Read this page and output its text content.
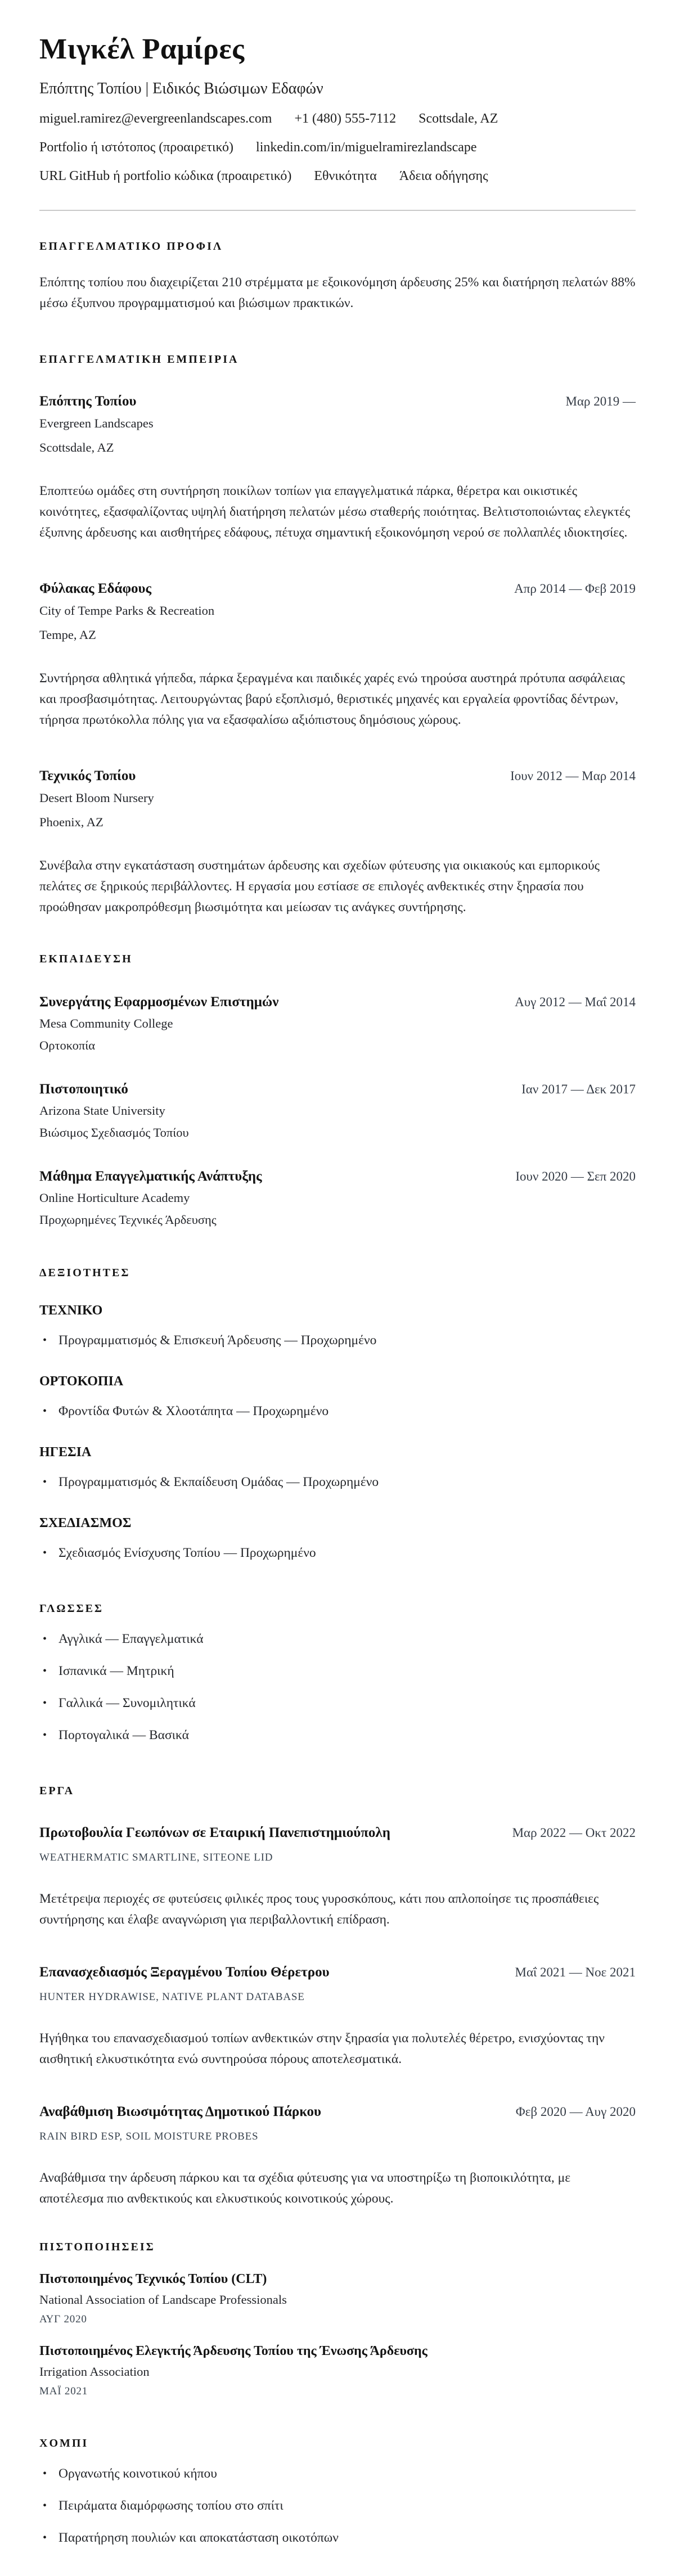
Μιγκέλ Ραμίρες
Επόπτης Τοπίου | Ειδικός Βιώσιμων Εδαφών
miguel.ramirez@evergreenlandscapes.com +1 (480) 555-7112 Scottsdale, AZ
Portfolio ή ιστότοπος (προαιρετικό) linkedin.com/in/miguelramirezlandscape
URL GitHub ή portfolio κώδικα (προαιρετικό) Εθνικότητα Άδεια οδήγησης
ΕΠΑΓΓΕΛΜΑΤΙΚΟ ΠΡΟΦΙΛ

Επόπτης τοπίου που διαχειρίζεται 210 στρέμματα με εξοικονόμηση άρδευσης 25% και διατήρηση πελατών 88% μέσω έξυπνου προγραμματισμού και βιώσιμων πρακτικών.

ΕΠΑΓΓΕΛΜΑΤΙΚΗ ΕΜΠΕΙΡΙΑ
Επόπτης Τοπίου	Μαρ 2019 —
Evergreen Landscapes
Scottsdale, AZ

Εποπτεύω ομάδες στη συντήρηση ποικίλων τοπίων για επαγγελματικά πάρκα, θέρετρα και οικιστικές κοινότητες, εξασφαλίζοντας υψηλή διατήρηση πελατών μέσω σταθερής ποιότητας. Βελτιστοποιώντας ελεγκτές έξυπνης άρδευσης και αισθητήρες εδάφους, πέτυχα σημαντική εξοικονόμηση νερού σε πολλαπλές ιδιοκτησίες.

Φύλακας Εδάφους	Απρ 2014 — Φεβ 2019
City of Tempe Parks & Recreation
Tempe, AZ

Συντήρησα αθλητικά γήπεδα, πάρκα ξεραγμένα και παιδικές χαρές ενώ τηρούσα αυστηρά πρότυπα ασφάλειας και προσβασιμότητας. Λειτουργώντας βαρύ εξοπλισμό, θεριστικές μηχανές και εργαλεία φροντίδας δέντρων, τήρησα πρωτόκολλα πόλης για να εξασφαλίσω αξιόπιστους δημόσιους χώρους.

Τεχνικός Τοπίου	Ιουν 2012 — Μαρ 2014
Desert Bloom Nursery
Phoenix, AZ

Συνέβαλα στην εγκατάσταση συστημάτων άρδευσης και σχεδίων φύτευσης για οικιακούς και εμπορικούς πελάτες σε ξηρικούς περιβάλλοντες. Η εργασία μου εστίασε σε επιλογές ανθεκτικές στην ξηρασία που προώθησαν μακροπρόθεσμη βιωσιμότητα και μείωσαν τις ανάγκες συντήρησης.

ΕΚΠΑΙΔΕΥΣΗ
Συνεργάτης Εφαρμοσμένων Επιστημών	Αυγ 2012 — Μαΐ 2014
Mesa Community College
Ορτοκοπία
Πιστοποιητικό	Ιαν 2017 — Δεκ 2017
Arizona State University
Βιώσιμος Σχεδιασμός Τοπίου
Μάθημα Επαγγελματικής Ανάπτυξης	Ιουν 2020 — Σεπ 2020
Online Horticulture Academy
Προχωρημένες Τεχνικές Άρδευσης
ΔΕΞΙΟΤΗΤΕΣ
ΤΕΧΝΙΚΟ
• Προγραμματισμός & Επισκευή Άρδευσης — Προχωρημένο
ΟΡΤΟΚΟΠΙΑ
• Φροντίδα Φυτών & Χλοοτάπητα — Προχωρημένο
ΗΓΕΣΙΑ
• Προγραμματισμός & Εκπαίδευση Ομάδας — Προχωρημένο
ΣΧΕΔΙΑΣΜΟΣ
• Σχεδιασμός Ενίσχυσης Τοπίου — Προχωρημένο
ΓΛΩΣΣΕΣ
• Αγγλικά — Επαγγελματικά
• Ισπανικά — Μητρική
• Γαλλικά — Συνομιλητικά
• Πορτογαλικά — Βασικά
ΕΡΓΑ
Πρωτοβουλία Γεωπόνων σε Εταιρική Πανεπιστημιούπολη	Μαρ 2022 — Οκτ 2022
WEATHERMATIC SMARTLINE, SITEONE LID

Μετέτρεψα περιοχές σε φυτεύσεις φιλικές προς τους γυροσκόπους, κάτι που απλοποίησε τις προσπάθειες συντήρησης και έλαβε αναγνώριση για περιβαλλοντική επίδραση.

Επανασχεδιασμός Ξεραγμένου Τοπίου Θέρετρου	Μαΐ 2021 — Νοε 2021
HUNTER HYDRAWISE, NATIVE PLANT DATABASE

Ηγήθηκα του επανασχεδιασμού τοπίων ανθεκτικών στην ξηρασία για πολυτελές θέρετρο, ενισχύοντας την αισθητική ελκυστικότητα ενώ συντηρούσα πόρους αποτελεσματικά.

Αναβάθμιση Βιωσιμότητας Δημοτικού Πάρκου	Φεβ 2020 — Αυγ 2020
RAIN BIRD ESP, SOIL MOISTURE PROBES

Αναβάθμισα την άρδευση πάρκου και τα σχέδια φύτευσης για να υποστηρίξω τη βιοποικιλότητα, με αποτέλεσμα πιο ανθεκτικούς και ελκυστικούς κοινοτικούς χώρους.

ΠΙΣΤΟΠΟΙΗΣΕΙΣ
Πιστοποιημένος Τεχνικός Τοπίου (CLT)
National Association of Landscape Professionals
ΑΥΓ 2020
Πιστοποιημένος Ελεγκτής Άρδευσης Τοπίου της Ένωσης Άρδευσης
Irrigation Association
ΜΑΪ 2021
ΧΟΜΠΙ
• Οργανωτής κοινοτικού κήπου
• Πειράματα διαμόρφωσης τοπίου στο σπίτι
• Παρατήρηση πουλιών και αποκατάσταση οικοτόπων
